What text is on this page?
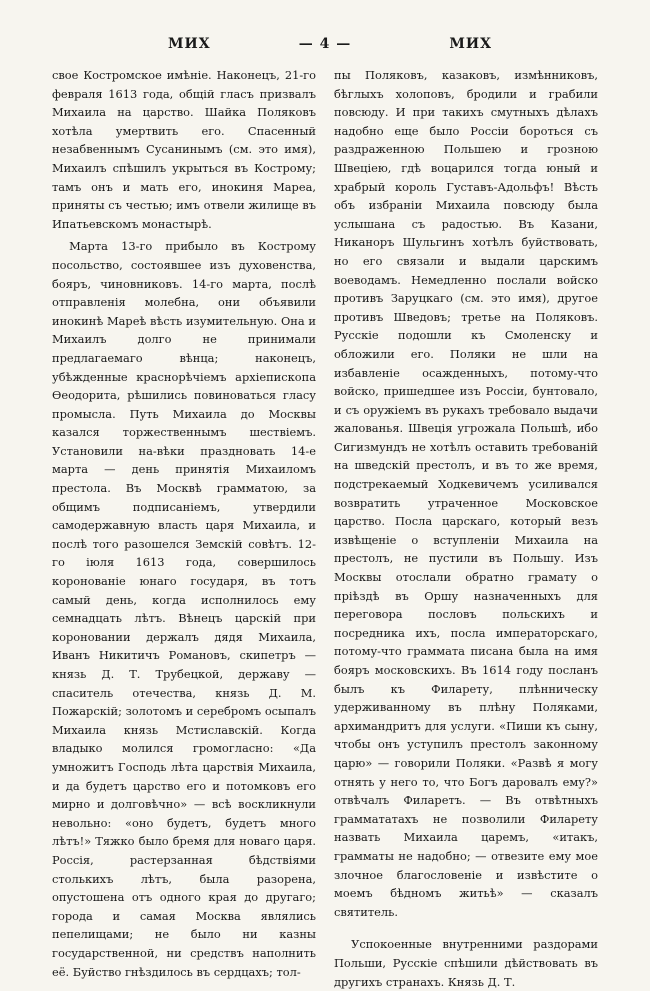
МИХ	— 4 —	МИХ

свое Костромское имѣніе. Наконецъ, 21-го февраля 1613 года, общій гласъ призвалъ Михаила на царство. Шайка Поляковъ хотѣла умертвить его. Спасенный незабвеннымъ Сусанинымъ (см. это имя), Михаилъ спѣшилъ укрыться въ Кострому; тамъ онъ и мать его, инокиня Мареа, приняты съ честью; имъ отвели жилище въ Ипатьевскомъ монастырѣ.

Марта 13-го прибыло въ Кострому посольство, состоявшее изъ духовенства, бояръ, чиновниковъ. 14-го марта, послѣ отправленія молебна, они объявили инокинѣ Мареѣ вѣсть изумительную. Она и Михаилъ долго не принимали предлагаемаго вѣнца; наконецъ, убѣжденные краснорѣчіемъ архіепископа Ѳеодорита, рѣшились повиноваться гласу промысла. Путь Михаила до Москвы казался торжественнымъ шествіемъ. Установили на-вѣки праздновать 14-е марта — день принятія Михаиломъ престола. Въ Москвѣ грамматою, за общимъ подписаніемъ, утвердили самодержавную власть царя Михаила, и послѣ того разошелся Земскій совѣтъ. 12-го іюля 1613 года, совершилось коронованіе юнаго государя, въ тотъ самый день, когда исполнилось ему семнадцать лѣтъ. Вѣнецъ царскій при короновании держалъ дядя Михаила, Иванъ Никитичъ Романовъ, скипетръ — князь Д. Т. Трубецкой, державу — спаситель отечества, князь Д. М. Пожарскій; золотомъ и серебромъ осыпалъ Михаила князь Мстиславскій. Когда владыко молился громогласно: «Да умножитъ Господь лѣта царствія Михаила, и да будетъ царство его и потомковъ его мирно и долговѣчно» — всѣ воскликнули невольно: «оно будетъ, будетъ много лѣтъ!» Тяжко было бремя для новаго царя. Россія, растерзанная бѣдствіями столькихъ лѣтъ, была разорена, опустошена отъ одного края до другаго; города и самая Москва являлись пепелищами; не было ни казны государственной, ни средствъ наполнить её. Буйство гнѣздилось въ сердцахъ; тол-

пы Поляковъ, казаковъ, измѣнниковъ, бѣглыхъ холоповъ, бродили и грабили повсюду. И при такихъ смутныхъ дѣлахъ надобно еще было Россіи бороться съ раздраженною Польшею и грозною Швеціею, гдѣ воцарился тогда юный и храбрый король Густавъ-Адольфъ! Вѣсть объ избраніи Михаила повсюду была услышана съ радостью. Въ Казани, Никаноръ Шульгинъ хотѣлъ буйствовать, но его связали и выдали царскимъ воеводамъ. Немедленно послали войско противъ Заруцкаго (см. это имя), другое противъ Шведовъ; третье на Поляковъ. Русскіе подошли къ Смоленску и обложили его. Поляки не шли на избавленіе осажденныхъ, потому-что войско, пришедшее изъ Россіи, бунтовало, и съ оружіемъ въ рукахъ требовало выдачи жалованья. Швеція угрожала Польшѣ, ибо Сигизмундъ не хотѣлъ оставить требованій на шведскій престолъ, и въ то же время, подстрекаемый Ходкевичемъ усиливался возвратить утраченное Московское царство. Посла царскаго, который везъ извѣщеніе о вступленіи Михаила на престолъ, не пустили въ Польшу. Изъ Москвы отослали обратно грамату о пріѣздѣ въ Оршу назначенныхъ для переговора пословъ польскихъ и посредника ихъ, посла императорскаго, потому-что граммата писана была на имя бояръ московскихъ. Въ 1614 году посланъ былъ къ Филарету, плѣнническу удерживанному въ плѣну Поляками, архимандритъ для услуги. «Пиши къ сыну, чтобы онъ уступилъ престолъ законному царю» — говорили Поляки. «Развѣ я могу отнять у него то, что Богъ даровалъ ему?» отвѣчалъ Филаретъ. — Въ отвѣтныхъ граммататахъ не позволили Филарету назвать Михаила царемъ, «итакъ, грамматы не надобно; — отвезите ему мое злочное благословеніе и извѣстите о моемъ бѣдномъ житьѣ» — сказалъ святитель.

Успокоенные внутренними раздорами Польши, Русскіе спѣшили дѣйствовать въ другихъ странахъ. Князь Д. Т.
